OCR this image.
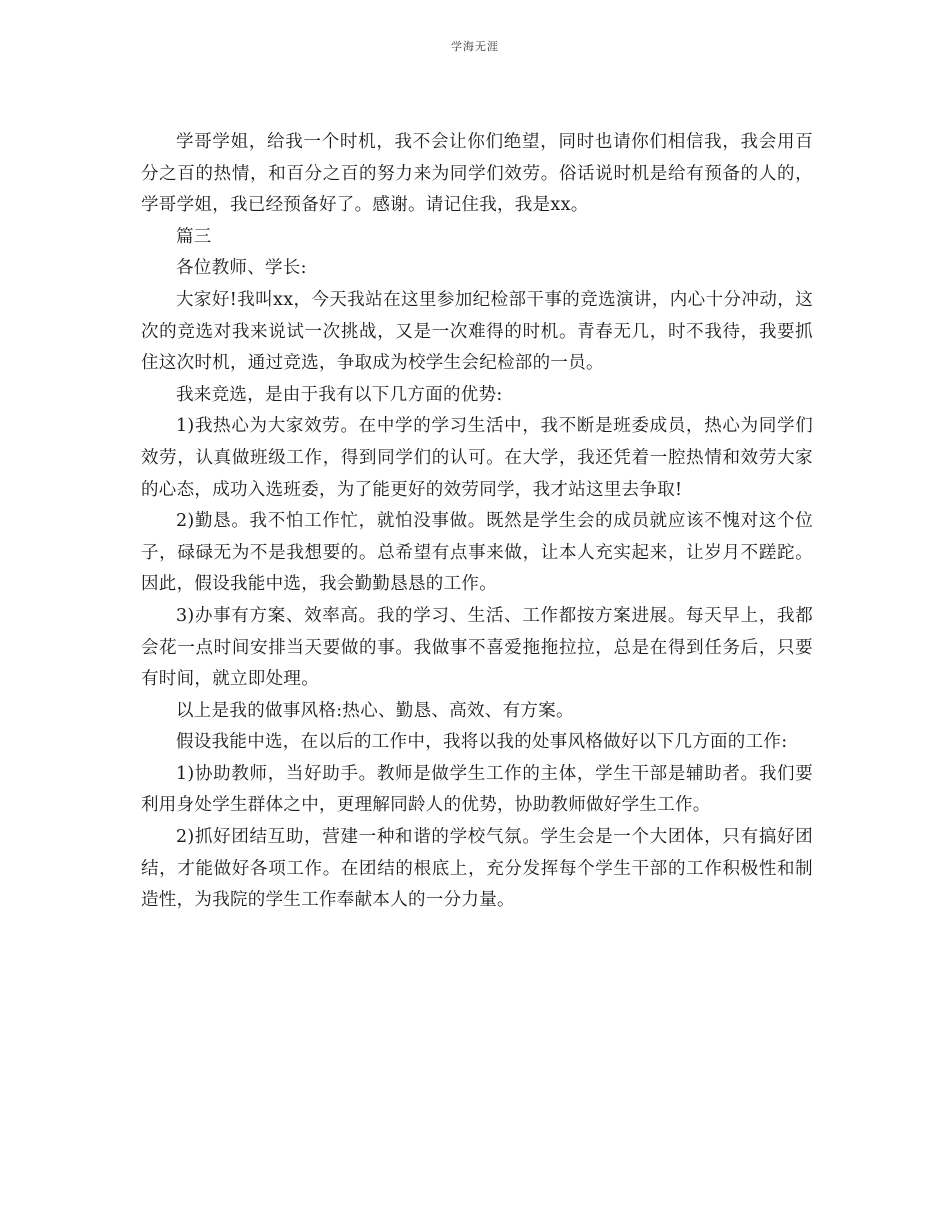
学海无涯

学哥学姐，给我一个时机，我不会让你们绝望，同时也请你们相信我，我会用百分之百的热情，和百分之百的努力来为同学们效劳。俗话说时机是给有预备的人的，学哥学姐，我已经预备好了。感谢。请记住我，我是xx。

篇三

各位教师、学长:

大家好!我叫xx，今天我站在这里参加纪检部干事的竞选演讲，内心十分冲动，这次的竞选对我来说试一次挑战，又是一次难得的时机。青春无几，时不我待，我要抓住这次时机，通过竞选，争取成为校学生会纪检部的一员。

我来竞选，是由于我有以下几方面的优势:

1)我热心为大家效劳。在中学的学习生活中，我不断是班委成员，热心为同学们效劳，认真做班级工作，得到同学们的认可。在大学，我还凭着一腔热情和效劳大家的心态，成功入选班委，为了能更好的效劳同学，我才站这里去争取!

2)勤恳。我不怕工作忙，就怕没事做。既然是学生会的成员就应该不愧对这个位子，碌碌无为不是我想要的。总希望有点事来做，让本人充实起来，让岁月不蹉跎。因此，假设我能中选，我会勤勤恳恳的工作。

3)办事有方案、效率高。我的学习、生活、工作都按方案进展。每天早上，我都会花一点时间安排当天要做的事。我做事不喜爱拖拖拉拉，总是在得到任务后，只要有时间，就立即处理。

以上是我的做事风格:热心、勤恳、高效、有方案。

假设我能中选，在以后的工作中，我将以我的处事风格做好以下几方面的工作:

1)协助教师，当好助手。教师是做学生工作的主体，学生干部是辅助者。我们要利用身处学生群体之中，更理解同龄人的优势，协助教师做好学生工作。

2)抓好团结互助，营建一种和谐的学校气氛。学生会是一个大团体，只有搞好团结，才能做好各项工作。在团结的根底上，充分发挥每个学生干部的工作积极性和制造性，为我院的学生工作奉献本人的一分力量。
